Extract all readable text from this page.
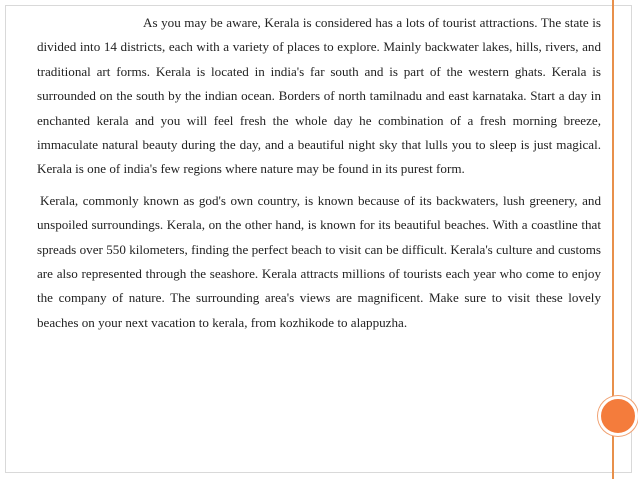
As you may be aware, Kerala is considered has a lots of tourist attractions. The state is divided into 14 districts, each with a variety of places to explore. Mainly backwater lakes, hills, rivers, and traditional art forms. Kerala is located in india's far south and is part of the western ghats. Kerala is surrounded on the south by the indian ocean. Borders of north tamilnadu and east karnataka. Start a day in enchanted kerala and you will feel fresh the whole day he combination of a fresh morning breeze, immaculate natural beauty during the day, and a beautiful night sky that lulls you to sleep is just magical. Kerala is one of india's few regions where nature may be found in its purest form.

Kerala, commonly known as god's own country, is known because of its backwaters, lush greenery, and unspoiled surroundings. Kerala, on the other hand, is known for its beautiful beaches. With a coastline that spreads over 550 kilometers, finding the perfect beach to visit can be difficult. Kerala's culture and customs are also represented through the seashore. Kerala attracts millions of tourists each year who come to enjoy the company of nature. The surrounding area's views are magnificent. Make sure to visit these lovely beaches on your next vacation to kerala, from kozhikode to alappuzha.
